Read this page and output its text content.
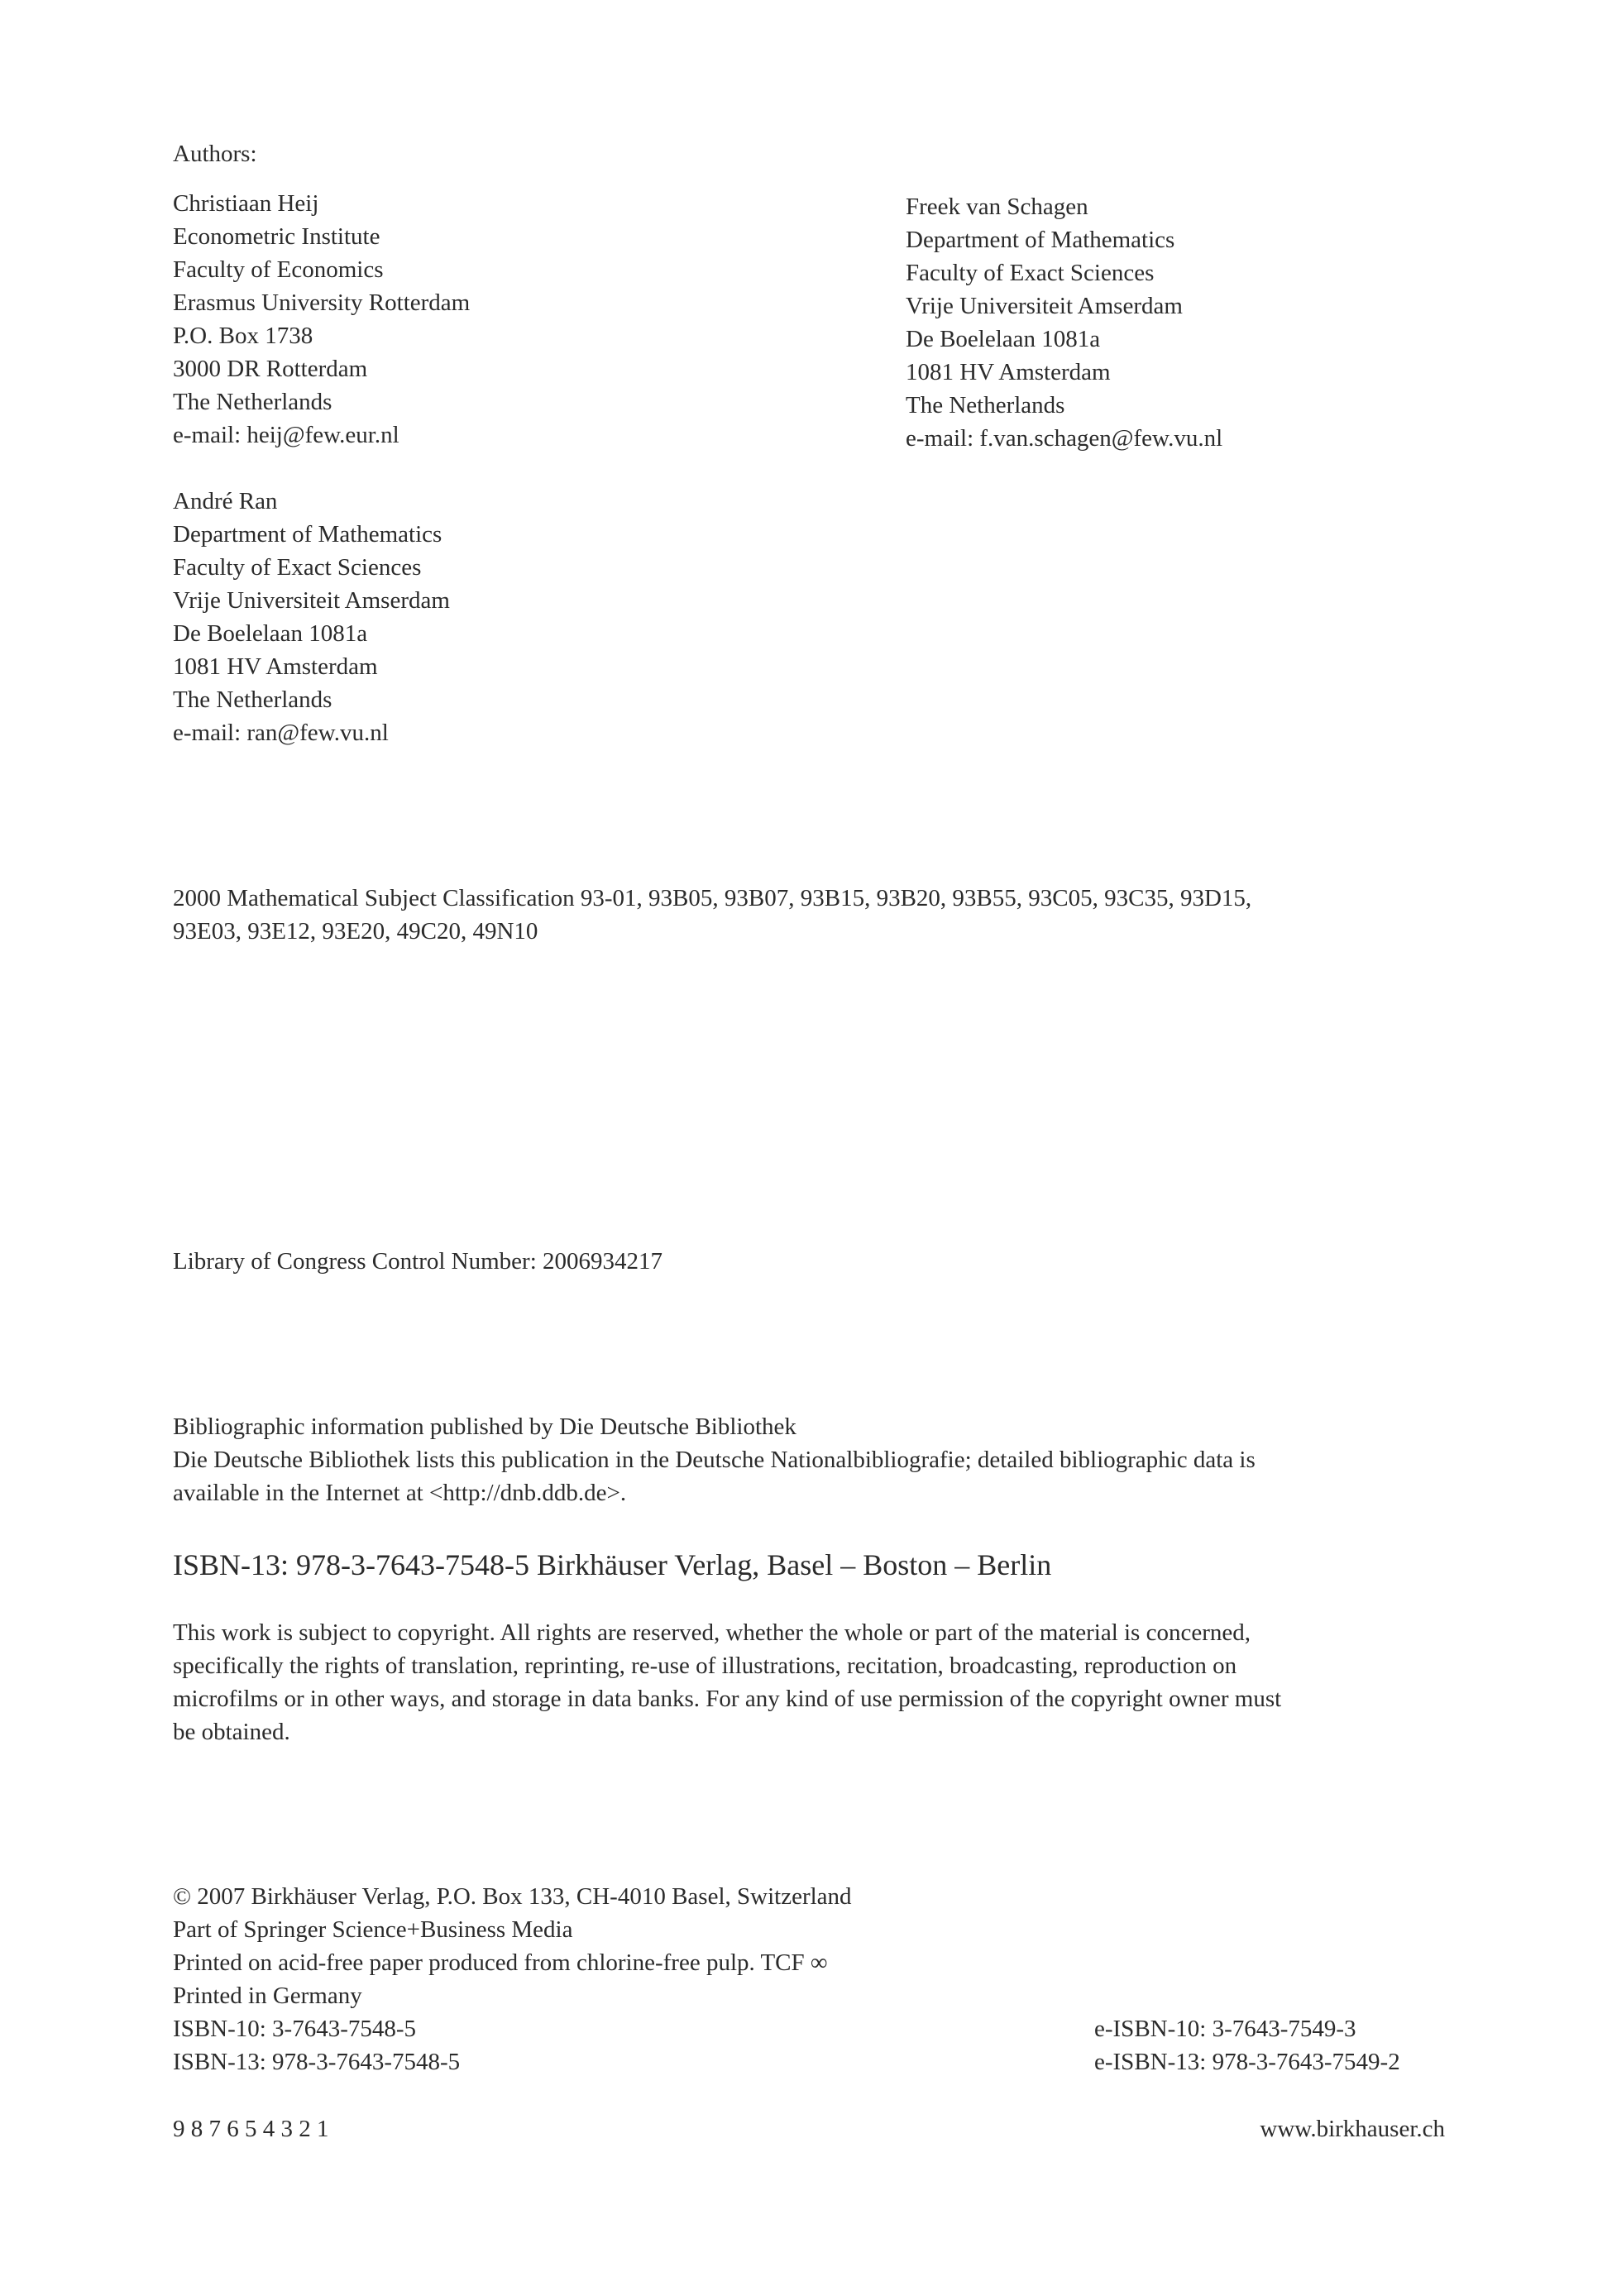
Authors:
Christiaan Heij
Econometric Institute
Faculty of Economics
Erasmus University Rotterdam
P.O. Box 1738
3000 DR Rotterdam
The Netherlands
e-mail: heij@few.eur.nl
Freek van Schagen
Department of Mathematics
Faculty of Exact Sciences
Vrije Universiteit Amserdam
De Boelelaan 1081a
1081 HV Amsterdam
The Netherlands
e-mail: f.van.schagen@few.vu.nl
André Ran
Department of Mathematics
Faculty of Exact Sciences
Vrije Universiteit Amserdam
De Boelelaan 1081a
1081 HV Amsterdam
The Netherlands
e-mail: ran@few.vu.nl
2000 Mathematical Subject Classification 93-01, 93B05, 93B07, 93B15, 93B20, 93B55, 93C05, 93C35, 93D15,
93E03, 93E12, 93E20, 49C20, 49N10
Library of Congress Control Number: 2006934217
Bibliographic information published by Die Deutsche Bibliothek
Die Deutsche Bibliothek lists this publication in the Deutsche Nationalbibliografie; detailed bibliographic data is
available in the Internet at <http://dnb.ddb.de>.
ISBN-13: 978-3-7643-7548-5 Birkhäuser Verlag, Basel – Boston – Berlin
This work is subject to copyright. All rights are reserved, whether the whole or part of the material is concerned,
specifically the rights of translation, reprinting, re-use of illustrations, recitation, broadcasting, reproduction on
microfilms or in other ways, and storage in data banks. For any kind of use permission of the copyright owner must
be obtained.
© 2007 Birkhäuser Verlag, P.O. Box 133, CH-4010 Basel, Switzerland
Part of Springer Science+Business Media
Printed on acid-free paper produced from chlorine-free pulp. TCF ∞
Printed in Germany
ISBN-10: 3-7643-7548-5
ISBN-13: 978-3-7643-7548-5
e-ISBN-10: 3-7643-7549-3
e-ISBN-13: 978-3-7643-7549-2
9 8 7 6 5 4 3 2 1	www.birkhauser.ch
